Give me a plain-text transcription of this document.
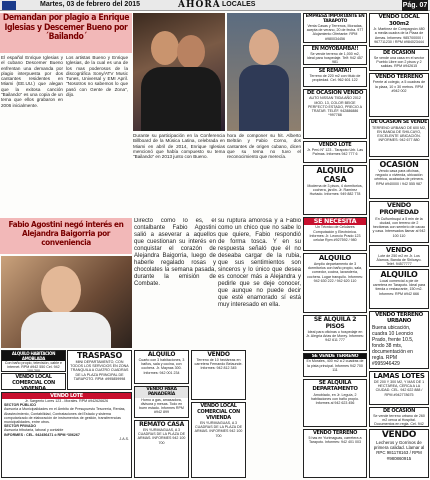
Martes, 03 de febrero del 2015	AHORA LOCALES	Pág. 07
Demandan por plagio a Enrique Iglesias y Descemer Bueno por ´Bailando´
El español Enrique Iglesias y el cubano Descemer Bueno enfrentan una demanda por plagio interpuesta por dos cantantes residentes en Miami (EE.UU.) que alegan que la exitosa canción "Bailando" es una copia de un tema que ellos grabaron en 2006 inicialmente.
Los artistas Bueno y Enrique Iglesias, de la cual es una de los mas poderosos de la discográfica Sony/ATV Music Tunes, Universal y EMI April. "Nosotros no sabemos lo que pasó con Gente de Zona", dijo.
Durante su participación en la Conferencia Billboard de la Música Latina, celebrada en Miami en abril de 2014, Enrique Iglesias mencionó que había compuesto su tema "Bailando" en 2013 junto con Bueno.
hora de componer su hit. Alberto Beltrán y Fabio Corno, dos cantantes de origen cubano, dicen que su tema no tuvo el reconocimiento que merecía.
Fabio Agostini negó interés en Alejandra Baigorria por conveniencia
Directo como lo es, el contalbante Fabio Agostini salió a aseverar a aquellos que cuestionan su interés en conquistar el corazón de Alejandra Baigorria, luego de haberle regalado rosas y chocolates la semana pasada, durante la emisión de Combate.
su ruptura amorosa y a Fabio como un chico que no sabe lo que quiere, Fabio respondió de forma tosca. Y en su respuesta señaló que él no deseaba cargar de la rubia, que sus sentimientos son sinceros y lo único que desea es conocer más a Alejandra y pedirle que se deje conocer, que aunque no puede decir que esté enamorado sí está muy interesado en ella.
ALQUILO HABITACIÓN AMOBLADA
Con baño propio, televisión, cable e internet. RPM #942 550 Cel. 942 100 200
TRASPASO
MINI DEPARTAMENTO, CON TODOS LOS SERVICIOS EN ZONA TRANQUILA A CUATRO CUADRAS DE LA PLAZA PRINCIPAL DE TARAPOTO. RPM: #995859998
VENDO LOCAL COMERCIAL CON VIVIENDA
VENDO LOTE
Jr. Sargento Lores 123 - Morales. RPM #942626626
SECTOR PÚBLICO
Asesoría a Municipalidades en el Ámbito de Presupuesto Tesorería, Rentas, Abastecimiento, Contabilidad, Contrataciones del Estado y sistema computarizado de elaboración de instrumentos de gestión, transferencias municipalidades, entre otros.
SECTOR PRIVADO
Asesoría tributaria, laboral y contable
INFORMES : CEL. 942456471 ó RPM *306267
J.A.S.
ALQUILO
Cuarto con 3 habitaciones, 3 baños, sala y cocina, con cochera. Jr. Maynas 300. Informes: 942 001 234
VENDO PARA PANADERÍA
Horno a gas, amasadora, divisora y mesas. Todo en buen estado. Informes RPM #942 899
REMATO CASA
EN YURIMAGUAS, A 3 CUADRAS DE LA PLAZA DE ARMAS. INFORMES 942 100 700
VENDO
Terreno de 10 hectáreas en carretera Fernando Belaunde. Informes: 942 812 345
VENDO LOCAL COMERCIAL CON VIVIENDA
EN YURIMAGUAS, A 3 CUADRAS DE LA PLAZA DE ARMAS. INFORMES 942 100 700
EMPRESA IMPORTANTE EN TARAPOTO
Venta Casas y Terrenos, Moradas, acepta de verano, 20 de fecha. 977 Alojamiento Ofertante: RPM #980034456
EN MOYOBAMBA!!
Se vende terreno de 1,000 m2, ideal para hospedaje. Telf: 942 457 981
SE REMATA!!
Terreno de 220 m2 con título de propiedad. Cel. 962 601 122
DE OCASIÓN VENDO
AUTO NISSAN TIIDA AÑO 2012 MOD. 13, COLOR BEIGE PERFECTO ESTADO, PRECIO A TRATAR. TELÉF. 942886886 *997788
VENDO LOTE
Jr. Perú N° 123 - Tarapoto Urb. Las Palmas. Informes 942 777 6
ALQUILO CASA
Moderna de 3 pisos, 4 dormitorios, cochera, jardín. Jr. Ramírez Hurtado. Informes: 949 882 778
SE NECESITA
Un Técnico de Celulares Computación y Electrónica. Informes: Jr. Leoncio Prado 123 celular Rpm #927592 / 980
ALQUILO
Amplio departamento de 3 dormitorios con baño propio, sala, comedor, cocina, lavandería, cochera. Lugar tranquilo. Informes: 942 630 222 / 942 620 110
SE ALQUILA 2 PISOS
Ideal para oficinas u hospedaje en Jr. Alegría Arias de Morey. Informes: 942 611 777
SE VENDE TERRENO
En Morales, 400 m2 a 2 cuadras de la pista principal. Informes 942 700 111
SE ALQUILA DEPARTAMENTO
Amoblado, en Jr. Leguía, 2 habitaciones con baño propio. Informes al 942 623 456
VENDO TERRENO
5 has en Yurimaguas, carretera a Tarapoto. Informes: 942 401 003
VENDO LOCAL 300m2
Jr. Martínez de Compagnón 480 a media cuadra de la Plaza de Armas. Informes: 985700000 / 967711230 / RPM #984023444
DE OCASIÓN
Se vende una casa en el sector Pueblo Libre con 2 pisos y 2 salidas. RPM #942615
VENDO TERRENO
Frente al colegio, a 5 cuadras de la plaza, 10 x 30 metros. RPM #942 002
DE OCASIÓN SE VENDE
TERRENO URBANO DE 600 M2, EN BANDA DE SHILCAYO, EXCELENTE UBICACIÓN. INFORMES: 942 677 880
OCASIÓN
Vendo casa para oficinas, negocio o vivienda, ubicación céntrica, acabados de primera. RPM #940000 / 942 555 987
VENDO PROPIEDAD
En Cuñumbuqui a 5 min de la ciudad, con terreno de 2 hectáreas con sembrío de cacao y casa. Interesados llamar al 942 100 110
VENDO
Lote de 250 m2 en Jr. Los Álamos, Banda de Shilcayo. Teléf. 94577777
ALQUILO
Local comercial a pie de carretera en Tarapoto. Ideal para tienda o restaurante, 150 m2. Informes: RPM #942 666
VENDO TERRENO URBANO
Buena ubicación, cuadra 10 Leoncio Prado, frente 10.5, fondo 38 mts, documentación en regla. RPM #995946429
LAMAS LOTES
DE 200 Y 300 M2, Y MAS DE 1 HECTÁREA, CERCA A LA CIUDAD. CEL. 942 622 888 / RPM #942778675
DE OCASIÓN
Se vende terreno urbano de 260 m2 cerca al Hospital. Documentos en regla. Cel. 942
VENDO
Lecheros y Gorrinos de primera calidad. Llamar al RPC 981178163 / RPM #980860915
